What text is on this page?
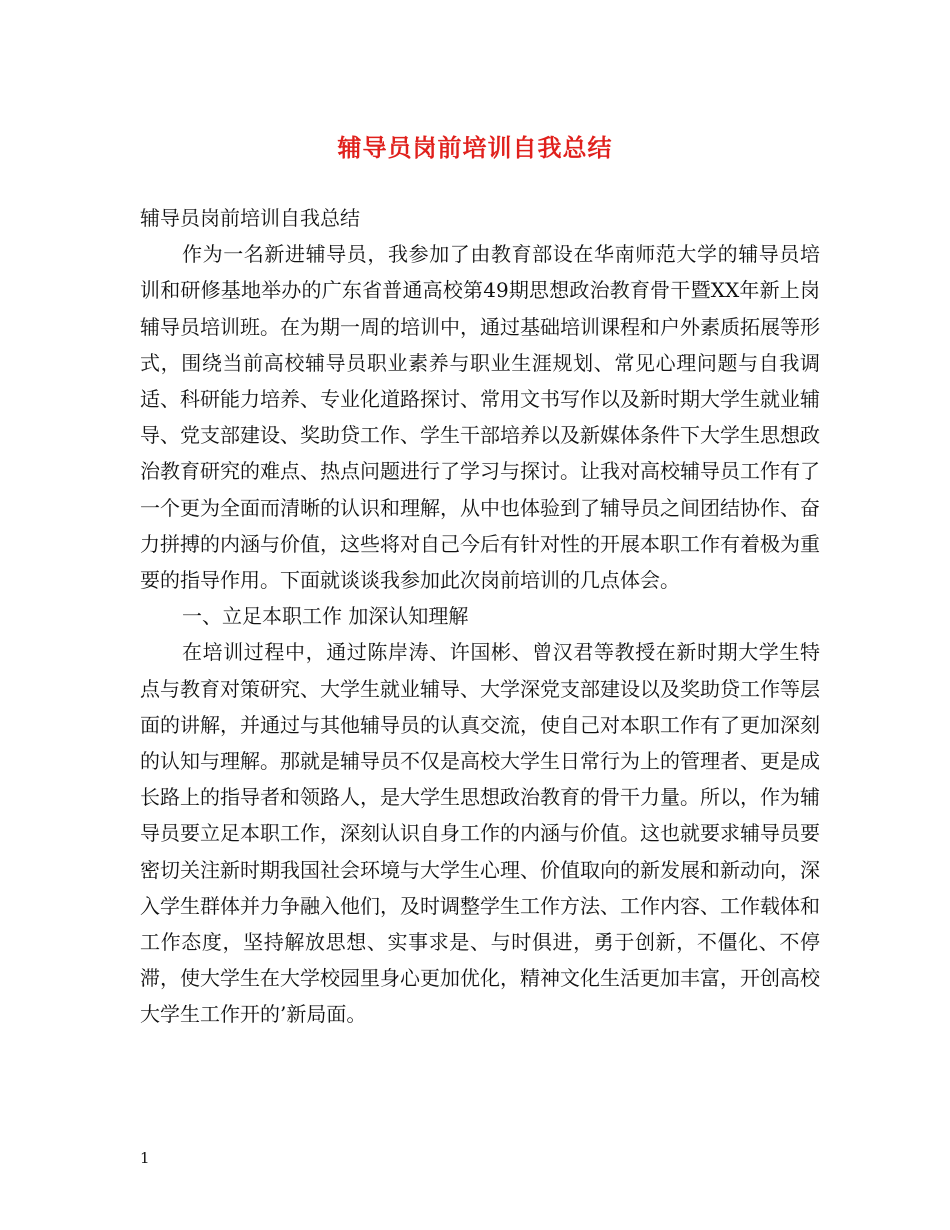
辅导员岗前培训自我总结

辅导员岗前培训自我总结

作为一名新进辅导员，我参加了由教育部设在华南师范大学的辅导员培训和研修基地举办的广东省普通高校第49期思想政治教育骨干暨XX年新上岗辅导员培训班。在为期一周的培训中，通过基础培训课程和户外素质拓展等形式，围绕当前高校辅导员职业素养与职业生涯规划、常见心理问题与自我调适、科研能力培养、专业化道路探讨、常用文书写作以及新时期大学生就业辅导、党支部建设、奖助贷工作、学生干部培养以及新媒体条件下大学生思想政治教育研究的难点、热点问题进行了学习与探讨。让我对高校辅导员工作有了一个更为全面而清晰的认识和理解，从中也体验到了辅导员之间团结协作、奋力拼搏的内涵与价值，这些将对自己今后有针对性的开展本职工作有着极为重要的指导作用。下面就谈谈我参加此次岗前培训的几点体会。

一、立足本职工作 加深认知理解

在培训过程中，通过陈岸涛、许国彬、曾汉君等教授在新时期大学生特点与教育对策研究、大学生就业辅导、大学深党支部建设以及奖助贷工作等层面的讲解，并通过与其他辅导员的认真交流，使自己对本职工作有了更加深刻的认知与理解。那就是辅导员不仅是高校大学生日常行为上的管理者、更是成长路上的指导者和领路人，是大学生思想政治教育的骨干力量。所以，作为辅导员要立足本职工作，深刻认识自身工作的内涵与价值。这也就要求辅导员要密切关注新时期我国社会环境与大学生心理、价值取向的新发展和新动向，深入学生群体并力争融入他们，及时调整学生工作方法、工作内容、工作载体和工作态度，坚持解放思想、实事求是、与时俱进，勇于创新，不僵化、不停滞，使大学生在大学校园里身心更加优化，精神文化生活更加丰富，开创高校大学生工作开的’新局面。

1
